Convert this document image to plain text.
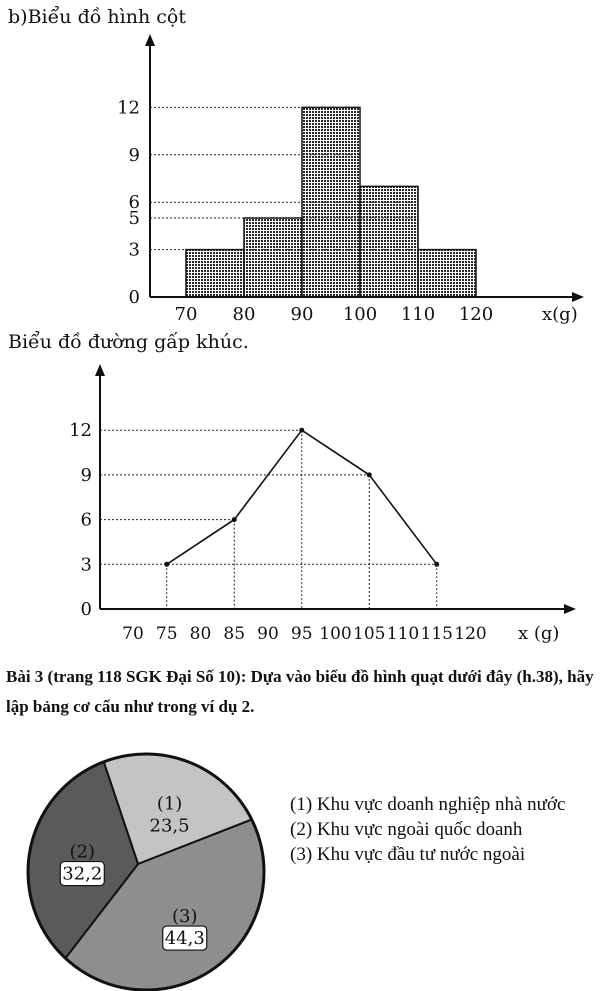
b)Biểu đồ hình cột
0
3
5
6
9
12
70 80 90 100 110 120	x(g)
Biểu đồ đường gấp khúc.
0
3
6
9
12
70 75 80 85 90 95 100 105 110 115 120 x (g)
Bài 3 (trang 118 SGK Đại Số 10): Dựa vào biểu đồ hình quạt dưới đây (h.38), hãy lập bảng cơ cấu như trong ví dụ 2.
(1)
23,5
(2)
32,2
(3)
44,3
(1) Khu vực doanh nghiệp nhà nước
(2) Khu vực ngoài quốc doanh
(3) Khu vực đầu tư nước ngoài
